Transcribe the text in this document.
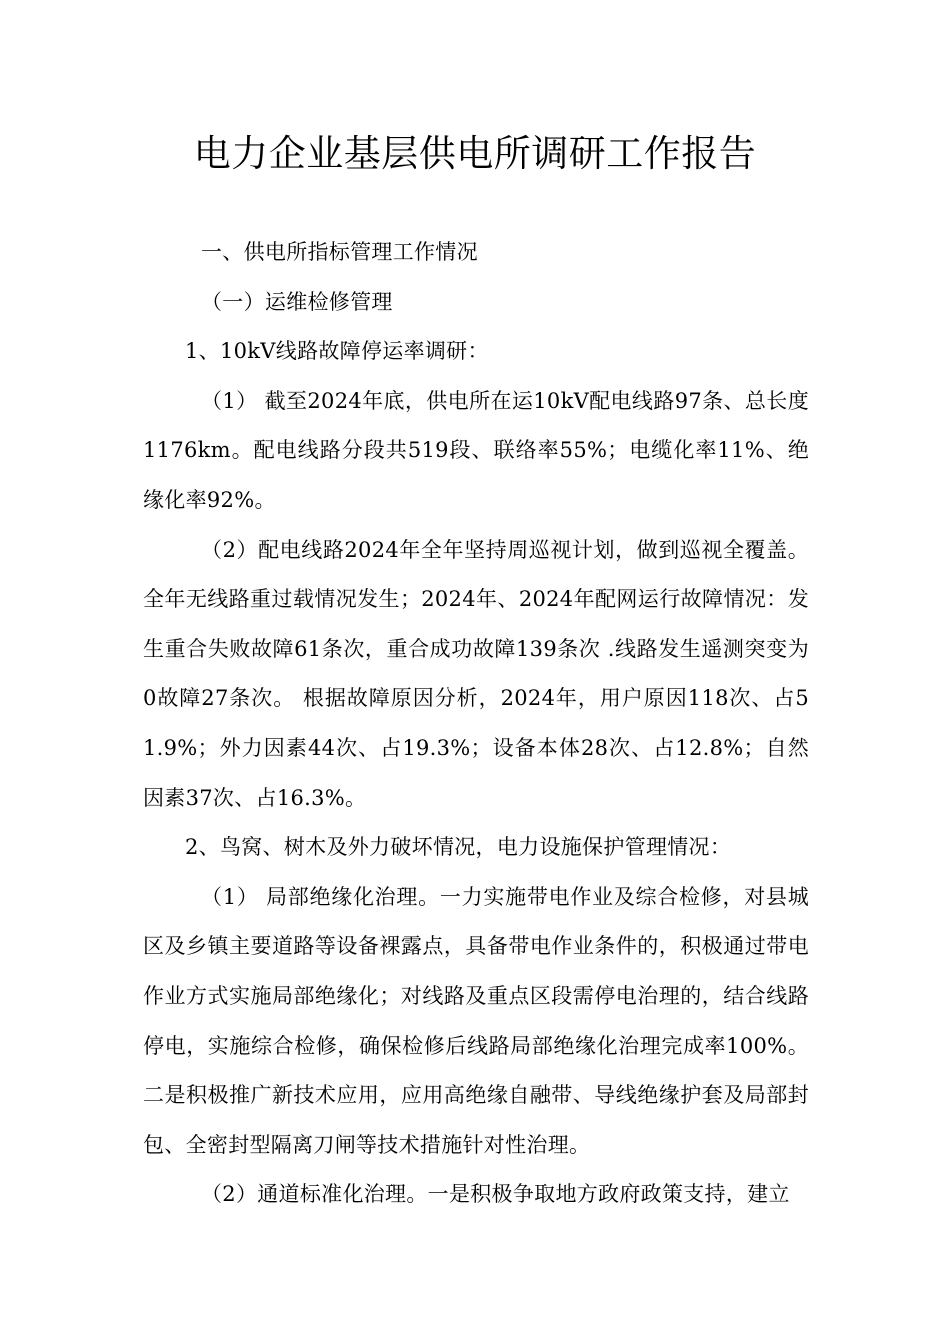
电力企业基层供电所调研工作报告

一、供电所指标管理工作情况

（一）运维检修管理

1、10kV线路故障停运率调研：

（1） 截至2024年底，供电所在运10kV配电线路97条、总长度1176km。配电线路分段共519段、联络率55%；电缆化率11%、绝缘化率92%。

（2）配电线路2024年全年坚持周巡视计划，做到巡视全覆盖。全年无线路重过载情况发生；2024年、2024年配网运行故障情况：发生重合失败故障61条次，重合成功故障139条次 .线路发生遥测突变为0故障27条次。 根据故障原因分析，2024年，用户原因118次、占51.9%；外力因素44次、占19.3%；设备本体28次、占12.8%；自然因素37次、占16.3%。

2、鸟窝、树木及外力破坏情况，电力设施保护管理情况：

（1） 局部绝缘化治理。一力实施带电作业及综合检修，对县城区及乡镇主要道路等设备裸露点，具备带电作业条件的，积极通过带电作业方式实施局部绝缘化；对线路及重点区段需停电治理的，结合线路停电，实施综合检修，确保检修后线路局部绝缘化治理完成率100%。二是积极推广新技术应用，应用高绝缘自融带、导线绝缘护套及局部封包、全密封型隔离刀闸等技术措施针对性治理。

（2）通道标准化治理。一是积极争取地方政府政策支持，建立
